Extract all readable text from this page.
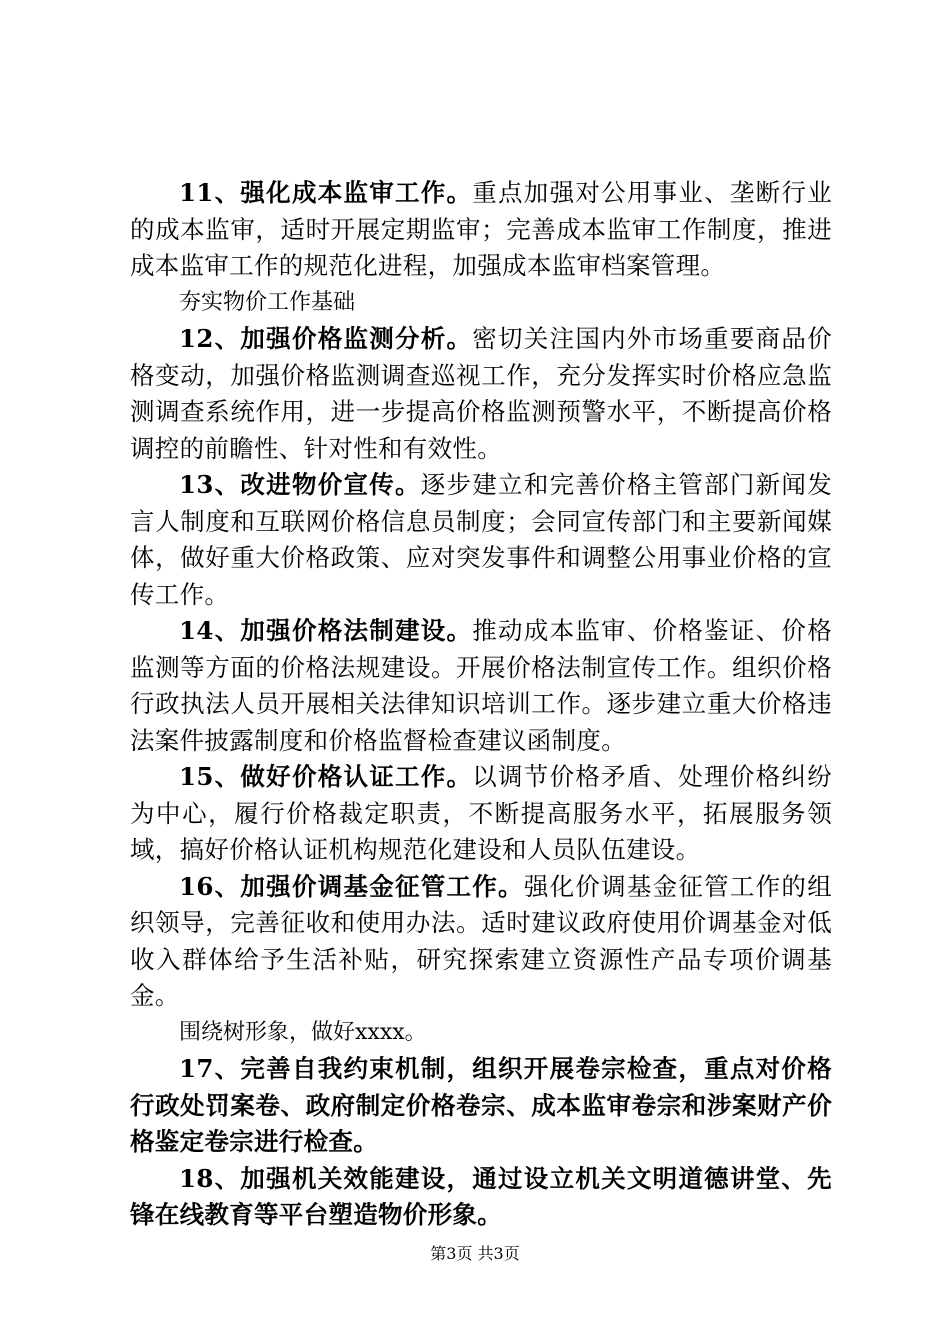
11、强化成本监审工作。重点加强对公用事业、垄断行业的成本监审，适时开展定期监审；完善成本监审工作制度，推进成本监审工作的规范化进程，加强成本监审档案管理。

夯实物价工作基础

12、加强价格监测分析。密切关注国内外市场重要商品价格变动，加强价格监测调查巡视工作，充分发挥实时价格应急监测调查系统作用，进一步提高价格监测预警水平，不断提高价格调控的前瞻性、针对性和有效性。

13、改进物价宣传。逐步建立和完善价格主管部门新闻发言人制度和互联网价格信息员制度；会同宣传部门和主要新闻媒体，做好重大价格政策、应对突发事件和调整公用事业价格的宣传工作。

14、加强价格法制建设。推动成本监审、价格鉴证、价格监测等方面的价格法规建设。开展价格法制宣传工作。组织价格行政执法人员开展相关法律知识培训工作。逐步建立重大价格违法案件披露制度和价格监督检查建议函制度。

15、做好价格认证工作。以调节价格矛盾、处理价格纠纷为中心，履行价格裁定职责，不断提高服务水平，拓展服务领域，搞好价格认证机构规范化建设和人员队伍建设。

16、加强价调基金征管工作。强化价调基金征管工作的组织领导，完善征收和使用办法。适时建议政府使用价调基金对低收入群体给予生活补贴，研究探索建立资源性产品专项价调基金。

围绕树形象，做好xxxx。

17、完善自我约束机制，组织开展卷宗检查，重点对价格行政处罚案卷、政府制定价格卷宗、成本监审卷宗和涉案财产价格鉴定卷宗进行检查。

18、加强机关效能建设，通过设立机关文明道德讲堂、先锋在线教育等平台塑造物价形象。

第3页 共3页
